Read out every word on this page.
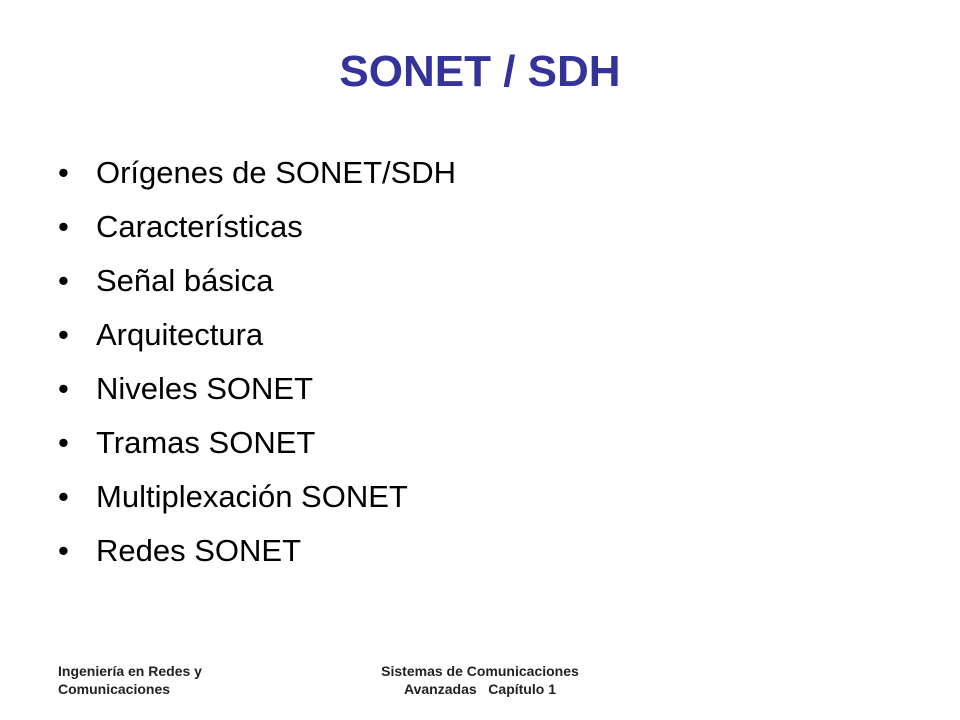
SONET / SDH
• Orígenes de SONET/SDH
• Características
• Señal básica
• Arquitectura
• Niveles SONET
• Tramas SONET
• Multiplexación SONET
• Redes SONET
Ingeniería en Redes y
Comunicaciones
Sistemas de Comunicaciones
Avanzadas   Capítulo 1
